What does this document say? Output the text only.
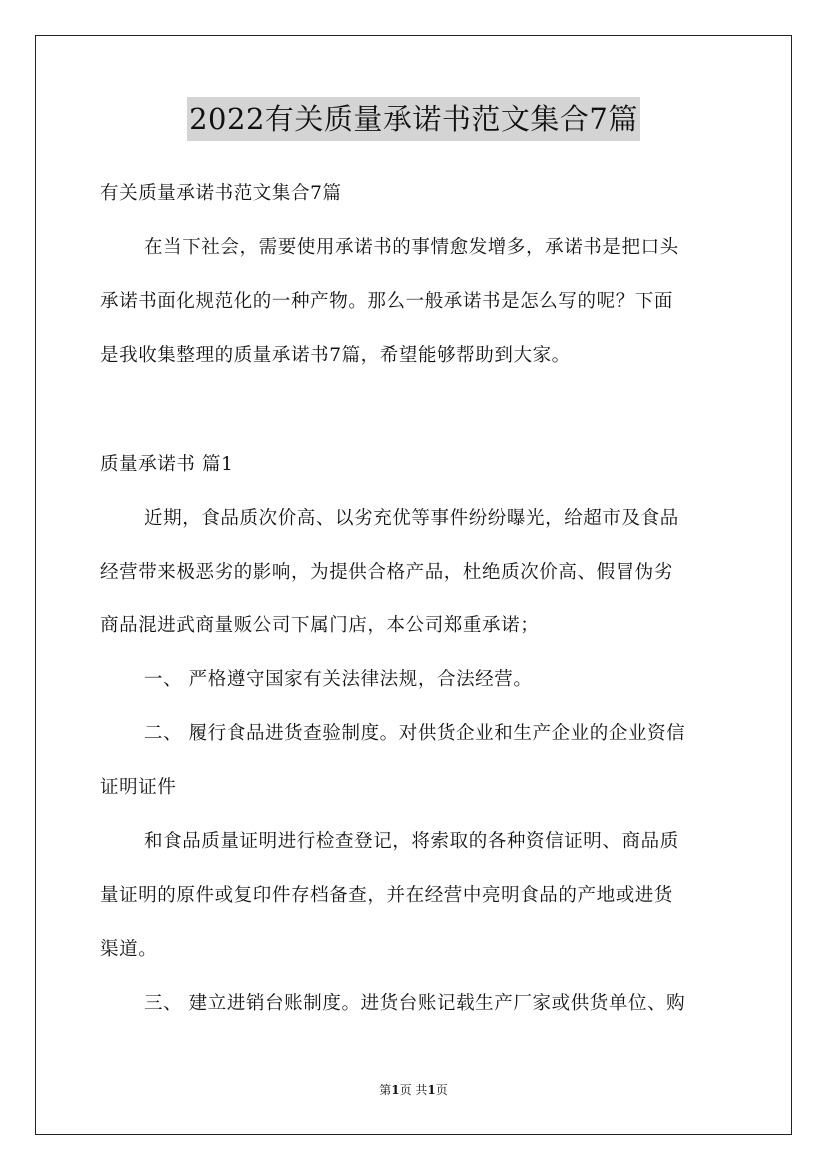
2022有关质量承诺书范文集合7篇
有关质量承诺书范文集合7篇
在当下社会，需要使用承诺书的事情愈发增多，承诺书是把口头
承诺书面化规范化的一种产物。那么一般承诺书是怎么写的呢？下面
是我收集整理的质量承诺书7篇，希望能够帮助到大家。
质量承诺书 篇1
近期，食品质次价高、以劣充优等事件纷纷曝光，给超市及食品
经营带来极恶劣的影响，为提供合格产品，杜绝质次价高、假冒伪劣
商品混进武商量贩公司下属门店，本公司郑重承诺；
一、 严格遵守国家有关法律法规，合法经营。
二、 履行食品进货查验制度。对供货企业和生产企业的企业资信
证明证件
和食品质量证明进行检查登记，将索取的各种资信证明、商品质
量证明的原件或复印件存档备查，并在经营中亮明食品的产地或进货
渠道。
三、 建立进销台账制度。进货台账记载生产厂家或供货单位、购
第1页 共1页
